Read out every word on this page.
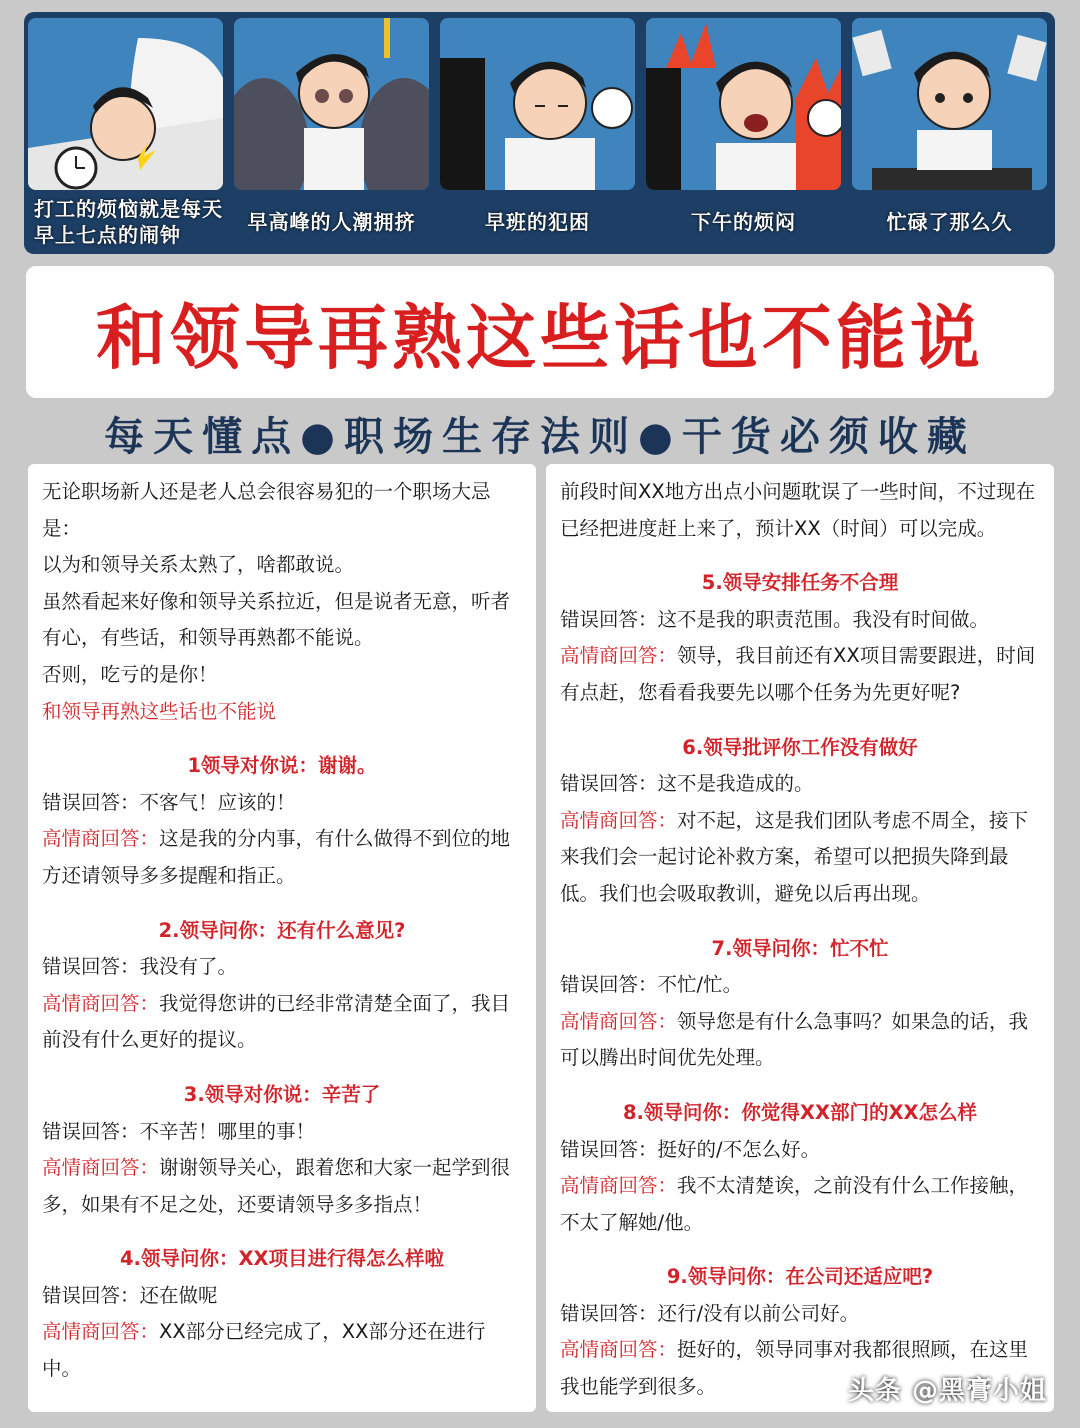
打工的烦恼就是每天早上七点的闹钟
早高峰的人潮拥挤	早班的犯困	下午的烦闷	忙碌了那么久
和领导再熟这些话也不能说
每天懂点●职场生存法则●干货必须收藏

无论职场新人还是老人总会很容易犯的一个职场大忌是：

以为和领导关系太熟了，啥都敢说。

虽然看起来好像和领导关系拉近，但是说者无意，听者有心，有些话，和领导再熟都不能说。

否则，吃亏的是你！

和领导再熟这些话也不能说

1领导对你说：谢谢。

错误回答：不客气！应该的！

高情商回答：这是我的分内事，有什么做得不到位的地方还请领导多多提醒和指正。

2.领导问你：还有什么意见?

错误回答：我没有了。

高情商回答：我觉得您讲的已经非常清楚全面了，我目前没有什么更好的提议。

3.领导对你说：辛苦了

错误回答：不辛苦！哪里的事！

高情商回答：谢谢领导关心，跟着您和大家一起学到很多，如果有不足之处，还要请领导多多指点！

4.领导问你：XX项目进行得怎么样啦

错误回答：还在做呢

高情商回答：XX部分已经完成了，XX部分还在进行中。

前段时间XX地方出点小问题耽误了一些时间，不过现在已经把进度赶上来了，预计XX（时间）可以完成。

5.领导安排任务不合理

错误回答：这不是我的职责范围。我没有时间做。

高情商回答：领导，我目前还有XX项目需要跟进，时间有点赶，您看看我要先以哪个任务为先更好呢?

6.领导批评你工作没有做好

错误回答：这不是我造成的。

高情商回答：对不起，这是我们团队考虑不周全，接下来我们会一起讨论补救方案，希望可以把损失降到最低。我们也会吸取教训，避免以后再出现。

7.领导问你：忙不忙

错误回答：不忙/忙。

高情商回答：领导您是有什么急事吗？如果急的话，我可以腾出时间优先处理。

8.领导问你：你觉得XX部门的XX怎么样

错误回答：挺好的/不怎么好。

高情商回答：我不太清楚诶，之前没有什么工作接触，不太了解她/他。

9.领导问你：在公司还适应吧?

错误回答：还行/没有以前公司好。

高情商回答：挺好的，领导同事对我都很照顾，在这里我也能学到很多。	头条 @黑膏小姐
